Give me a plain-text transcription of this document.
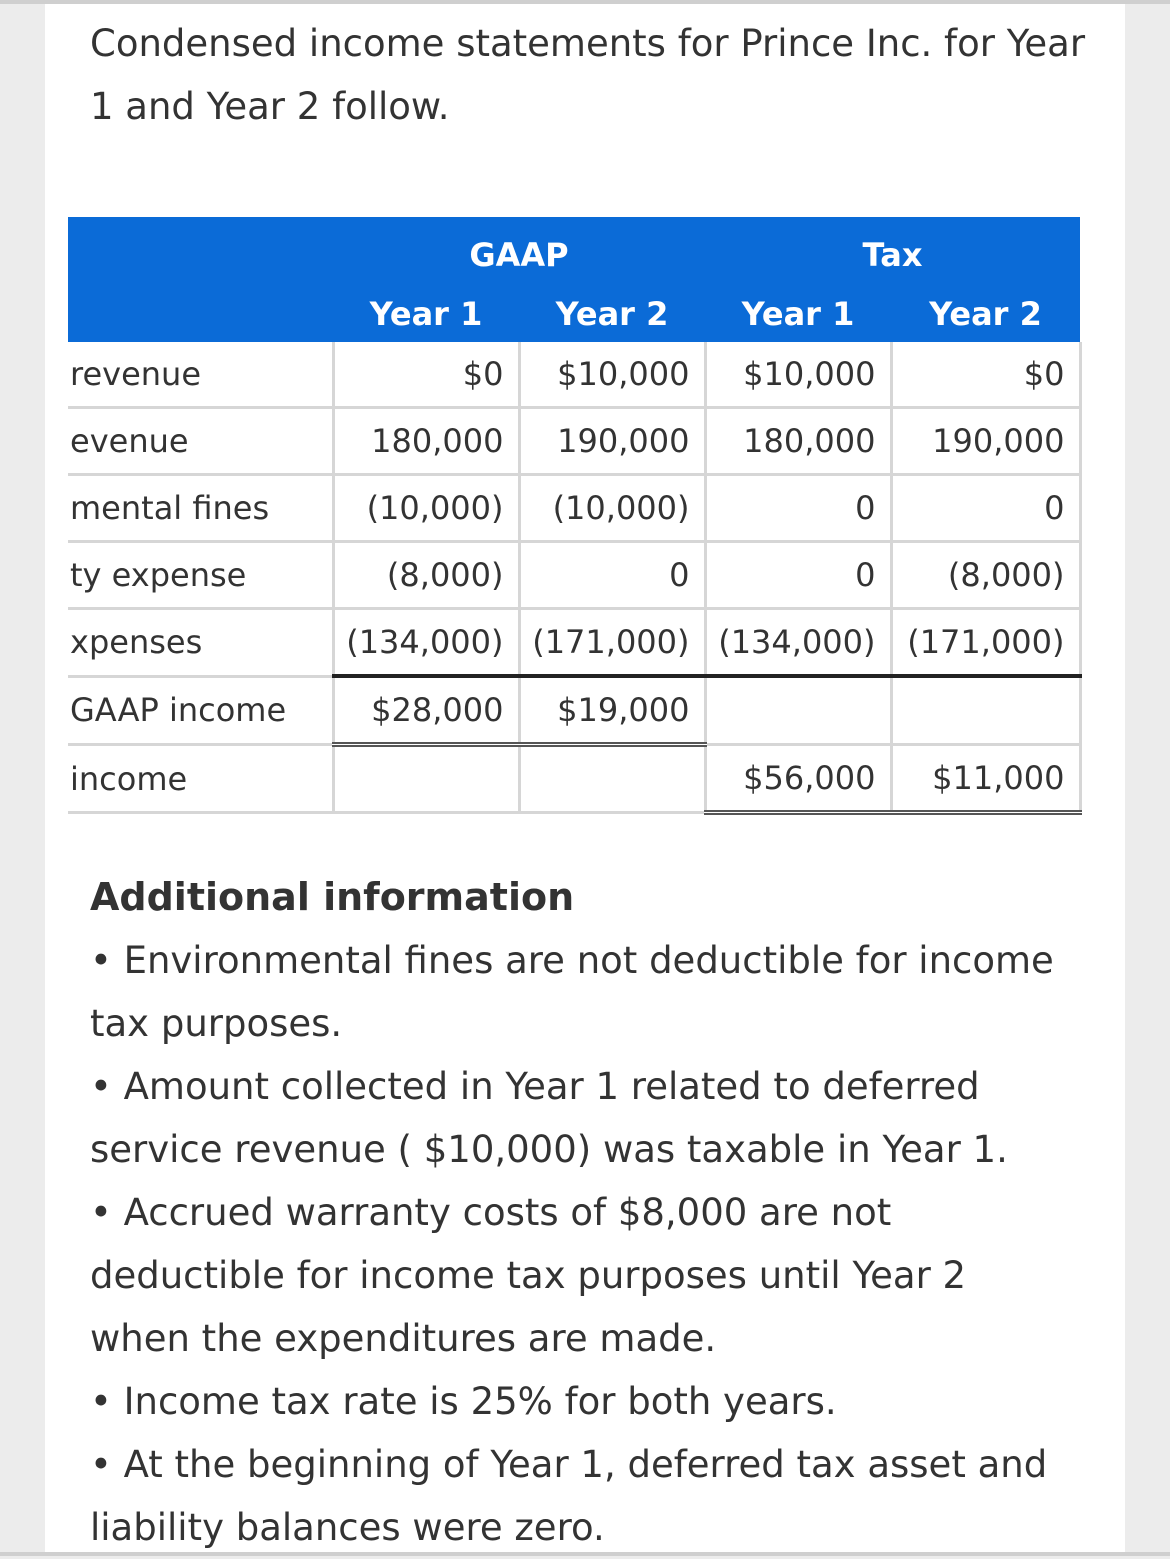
Condensed income statements for Prince Inc. for Year 1 and Year 2 follow.
	GAAP		Tax	
	Year 1	Year 2	Year 1	Year 2
revenue	$0	$10,000	$10,000	$0
evenue	180,000	190,000	180,000	190,000
mental fines	(10,000)	(10,000)	0	0
ty expense	(8,000)	0	0	(8,000)
xpenses	(134,000)	(171,000)	(134,000)	(171,000)
GAAP income	$28,000	$19,000		
income			$56,000	$11,000
Additional information

• Environmental fines are not deductible for income tax purposes.

• Amount collected in Year 1 related to deferred service revenue ( $10,000) was taxable in Year 1.

• Accrued warranty costs of $8,000 are not deductible for income tax purposes until Year 2 when the expenditures are made.

• Income tax rate is 25% for both years.

• At the beginning of Year 1, deferred tax asset and liability balances were zero.
